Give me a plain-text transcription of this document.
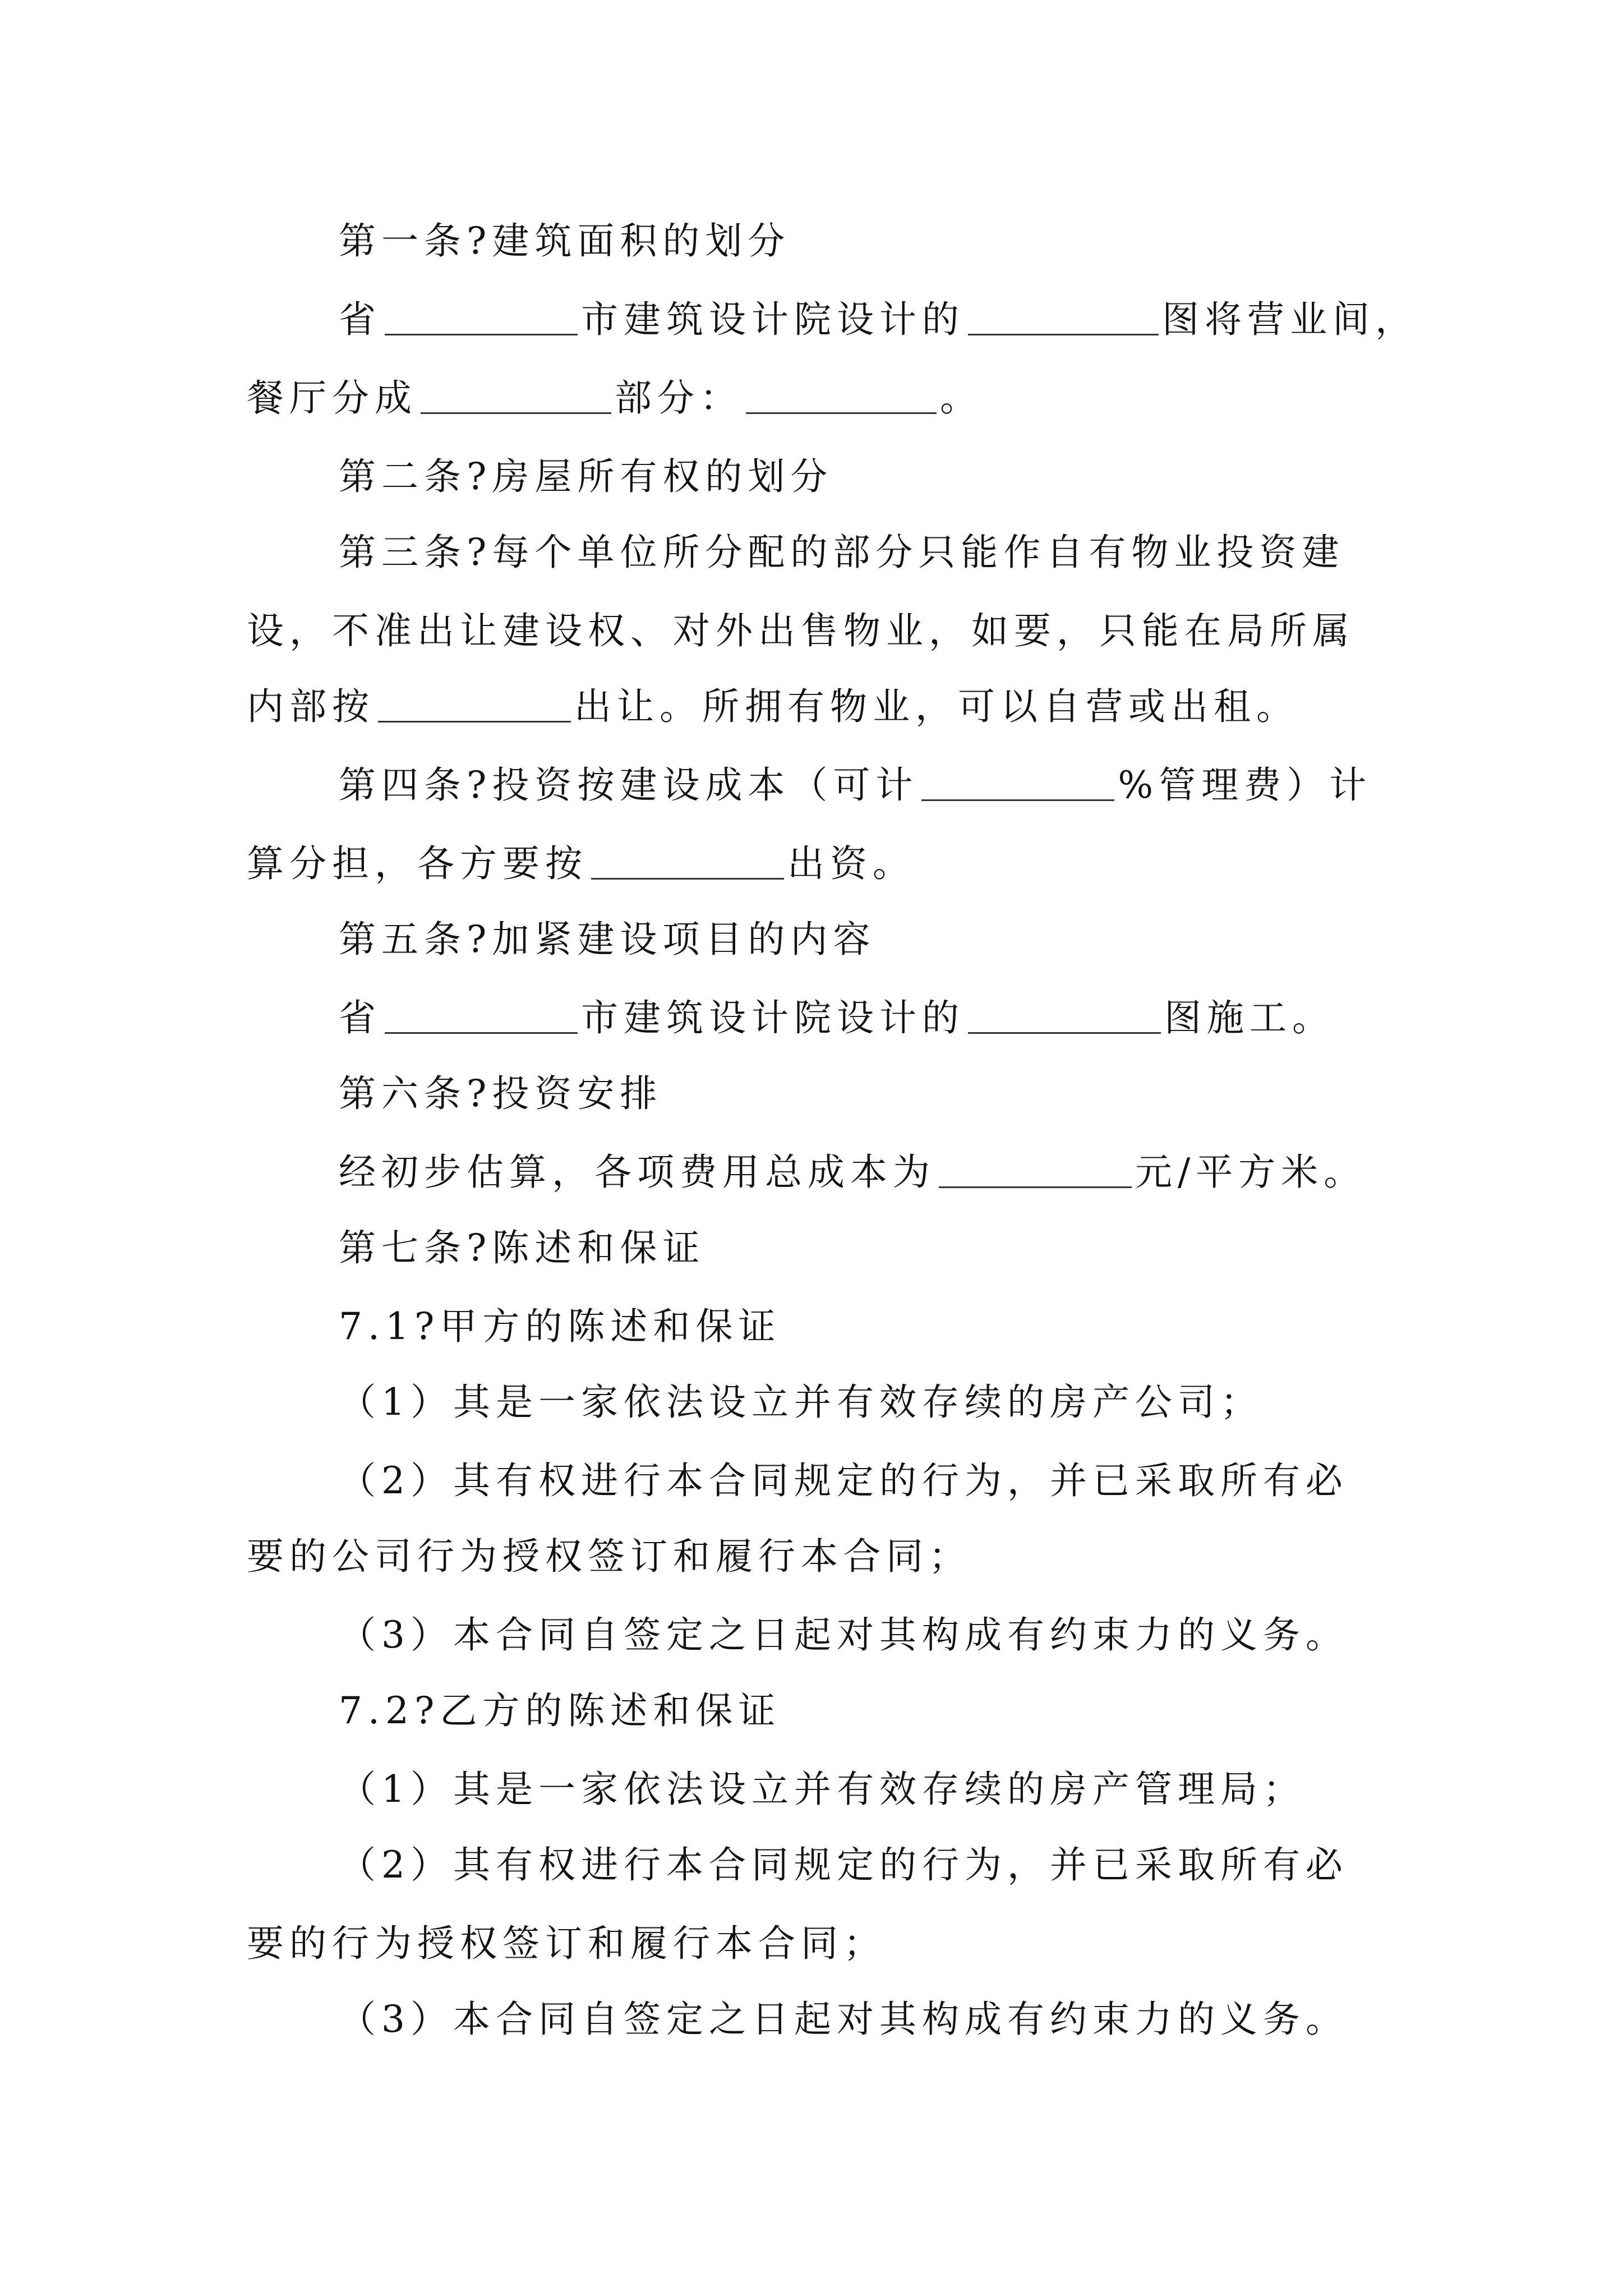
第一条?建筑面积的划分
省	市建筑设计院设计的	图将营业间，
餐厅分成	部分：	。
第二条?房屋所有权的划分
第三条?每个单位所分配的部分只能作自有物业投资建
设，不准出让建设权、对外出售物业，如要，只能在局所属
内部按	出让。所拥有物业，可以自营或出租。
第四条?投资按建设成本（可计	%管理费）计
算分担，各方要按	出资。
第五条?加紧建设项目的内容
省	市建筑设计院设计的	图施工。
第六条?投资安排
经初步估算，各项费用总成本为	元/平方米。
第七条?陈述和保证
7.1?甲方的陈述和保证
（1）其是一家依法设立并有效存续的房产公司；
（2）其有权进行本合同规定的行为，并已采取所有必
要的公司行为授权签订和履行本合同；
（3）本合同自签定之日起对其构成有约束力的义务。
7.2?乙方的陈述和保证
（1）其是一家依法设立并有效存续的房产管理局；
（2）其有权进行本合同规定的行为，并已采取所有必
要的行为授权签订和履行本合同；
（3）本合同自签定之日起对其构成有约束力的义务。
